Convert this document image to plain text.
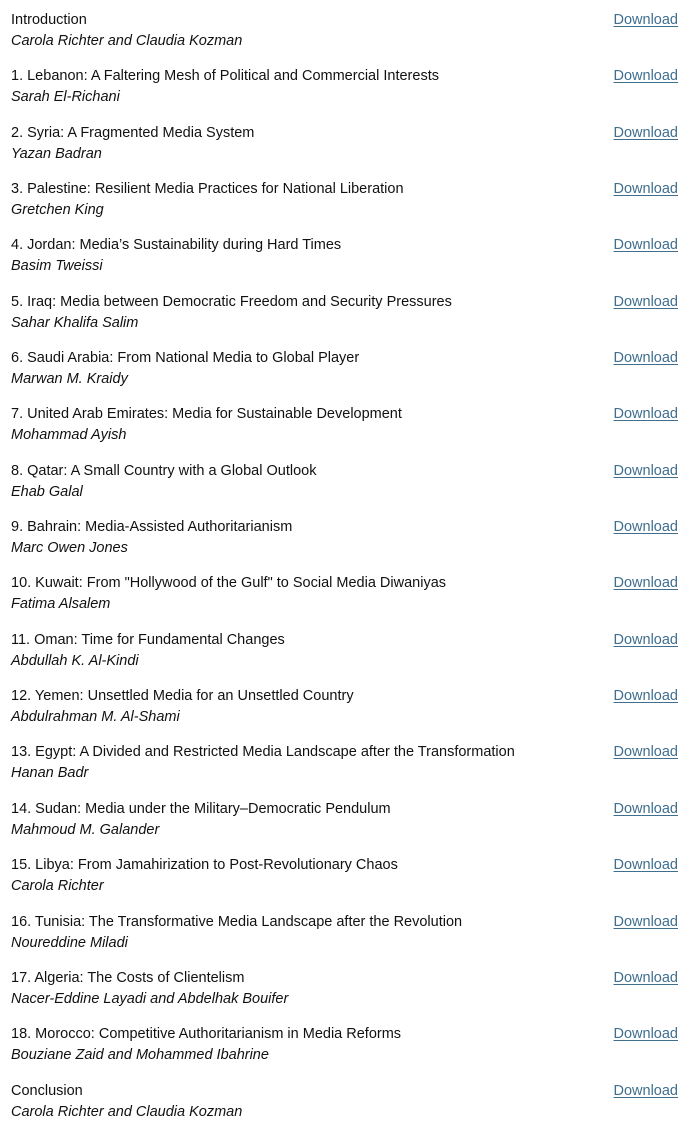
Introduction
Carola Richter and Claudia Kozman
Download
1. Lebanon: A Faltering Mesh of Political and Commercial Interests
Sarah El-Richani
Download
2. Syria: A Fragmented Media System
Yazan Badran
Download
3. Palestine: Resilient Media Practices for National Liberation
Gretchen King
Download
4. Jordan: Media’s Sustainability during Hard Times
Basim Tweissi
Download
5. Iraq: Media between Democratic Freedom and Security Pressures
Sahar Khalifa Salim
Download
6. Saudi Arabia: From National Media to Global Player
Marwan M. Kraidy
Download
7. United Arab Emirates: Media for Sustainable Development
Mohammad Ayish
Download
8. Qatar: A Small Country with a Global Outlook
Ehab Galal
Download
9. Bahrain: Media-Assisted Authoritarianism
Marc Owen Jones
Download
10. Kuwait: From "Hollywood of the Gulf" to Social Media Diwaniyas
Fatima Alsalem
Download
11. Oman: Time for Fundamental Changes
Abdullah K. Al-Kindi
Download
12. Yemen: Unsettled Media for an Unsettled Country
Abdulrahman M. Al-Shami
Download
13. Egypt: A Divided and Restricted Media Landscape after the Transformation
Hanan Badr
Download
14. Sudan: Media under the Military–Democratic Pendulum
Mahmoud M. Galander
Download
15. Libya: From Jamahirization to Post-Revolutionary Chaos
Carola Richter
Download
16. Tunisia: The Transformative Media Landscape after the Revolution
Noureddine Miladi
Download
17. Algeria: The Costs of Clientelism
Nacer-Eddine Layadi and Abdelhak Bouifer
Download
18. Morocco: Competitive Authoritarianism in Media Reforms
Bouziane Zaid and Mohammed Ibahrine
Download
Conclusion
Carola Richter and Claudia Kozman
Download
